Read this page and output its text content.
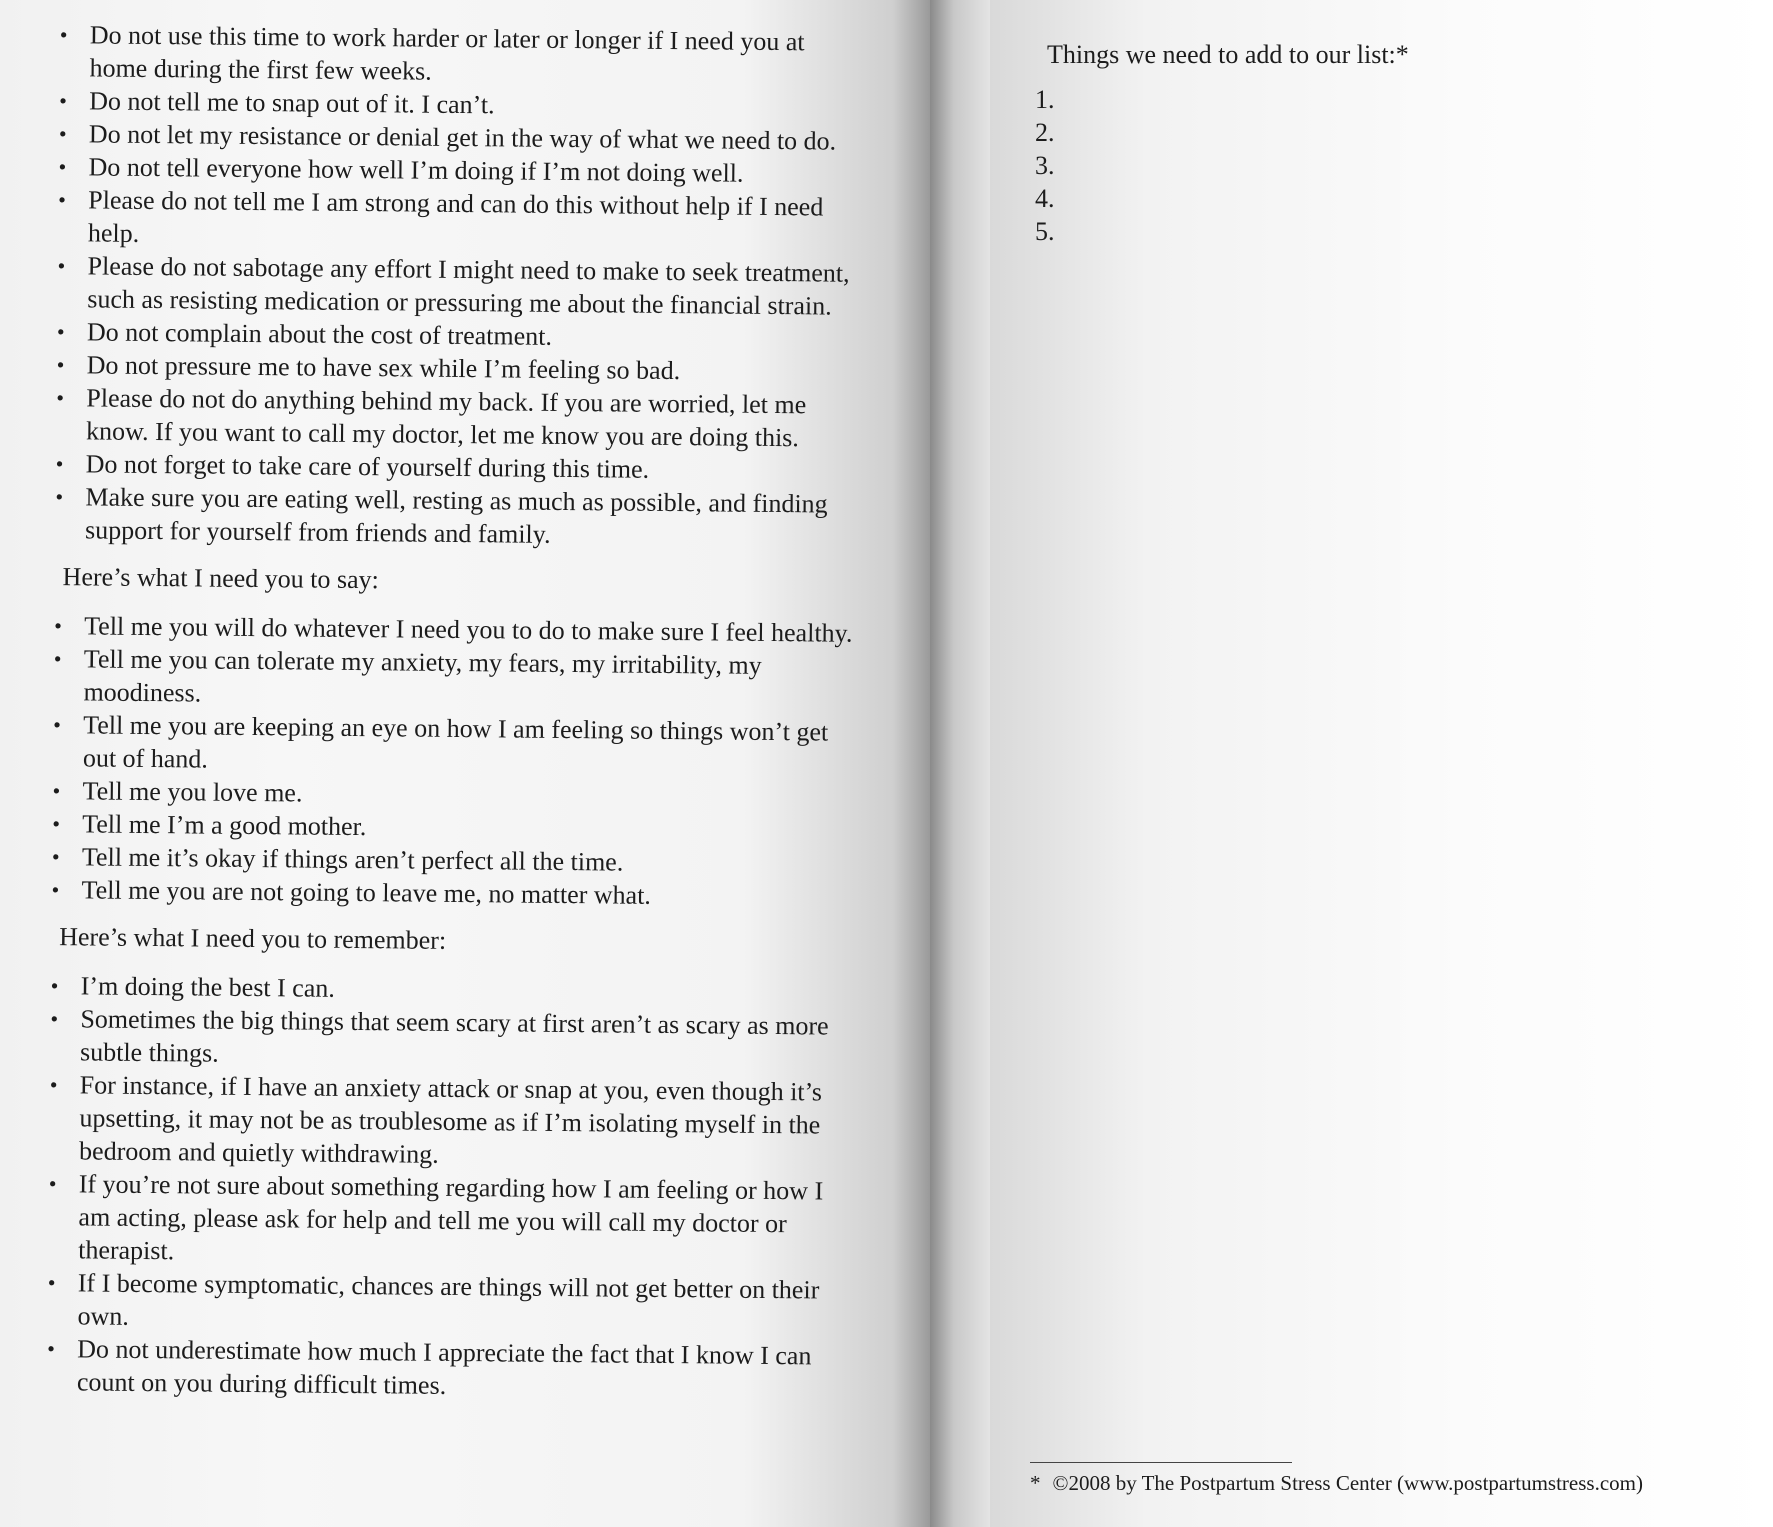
• Do not use this time to work harder or later or longer if I need you at home during the first few weeks.
• Do not tell me to snap out of it. I can’t.
• Do not let my resistance or denial get in the way of what we need to do.
• Do not tell everyone how well I’m doing if I’m not doing well.
• Please do not tell me I am strong and can do this without help if I need help.
• Please do not sabotage any effort I might need to make to seek treatment, such as resisting medication or pressuring me about the financial strain.
• Do not complain about the cost of treatment.
• Do not pressure me to have sex while I’m feeling so bad.
• Please do not do anything behind my back. If you are worried, let me know. If you want to call my doctor, let me know you are doing this.
• Do not forget to take care of yourself during this time.
• Make sure you are eating well, resting as much as possible, and finding support for yourself from friends and family.
Here’s what I need you to say:
• Tell me you will do whatever I need you to do to make sure I feel healthy.
• Tell me you can tolerate my anxiety, my fears, my irritability, my moodiness.
• Tell me you are keeping an eye on how I am feeling so things won’t get out of hand.
• Tell me you love me.
• Tell me I’m a good mother.
• Tell me it’s okay if things aren’t perfect all the time.
• Tell me you are not going to leave me, no matter what.
Here’s what I need you to remember:
• I’m doing the best I can.
• Sometimes the big things that seem scary at first aren’t as scary as more subtle things.
• For instance, if I have an anxiety attack or snap at you, even though it’s upsetting, it may not be as troublesome as if I’m isolating myself in the bedroom and quietly withdrawing.
• If you’re not sure about something regarding how I am feeling or how I am acting, please ask for help and tell me you will call my doctor or therapist.
• If I become symptomatic, chances are things will not get better on their own.
• Do not underestimate how much I appreciate the fact that I know I can count on you during difficult times.
Things we need to add to our list:*
1.
2.
3.
4.
5.
* ©2008 by The Postpartum Stress Center (www.postpartumstress.com)
